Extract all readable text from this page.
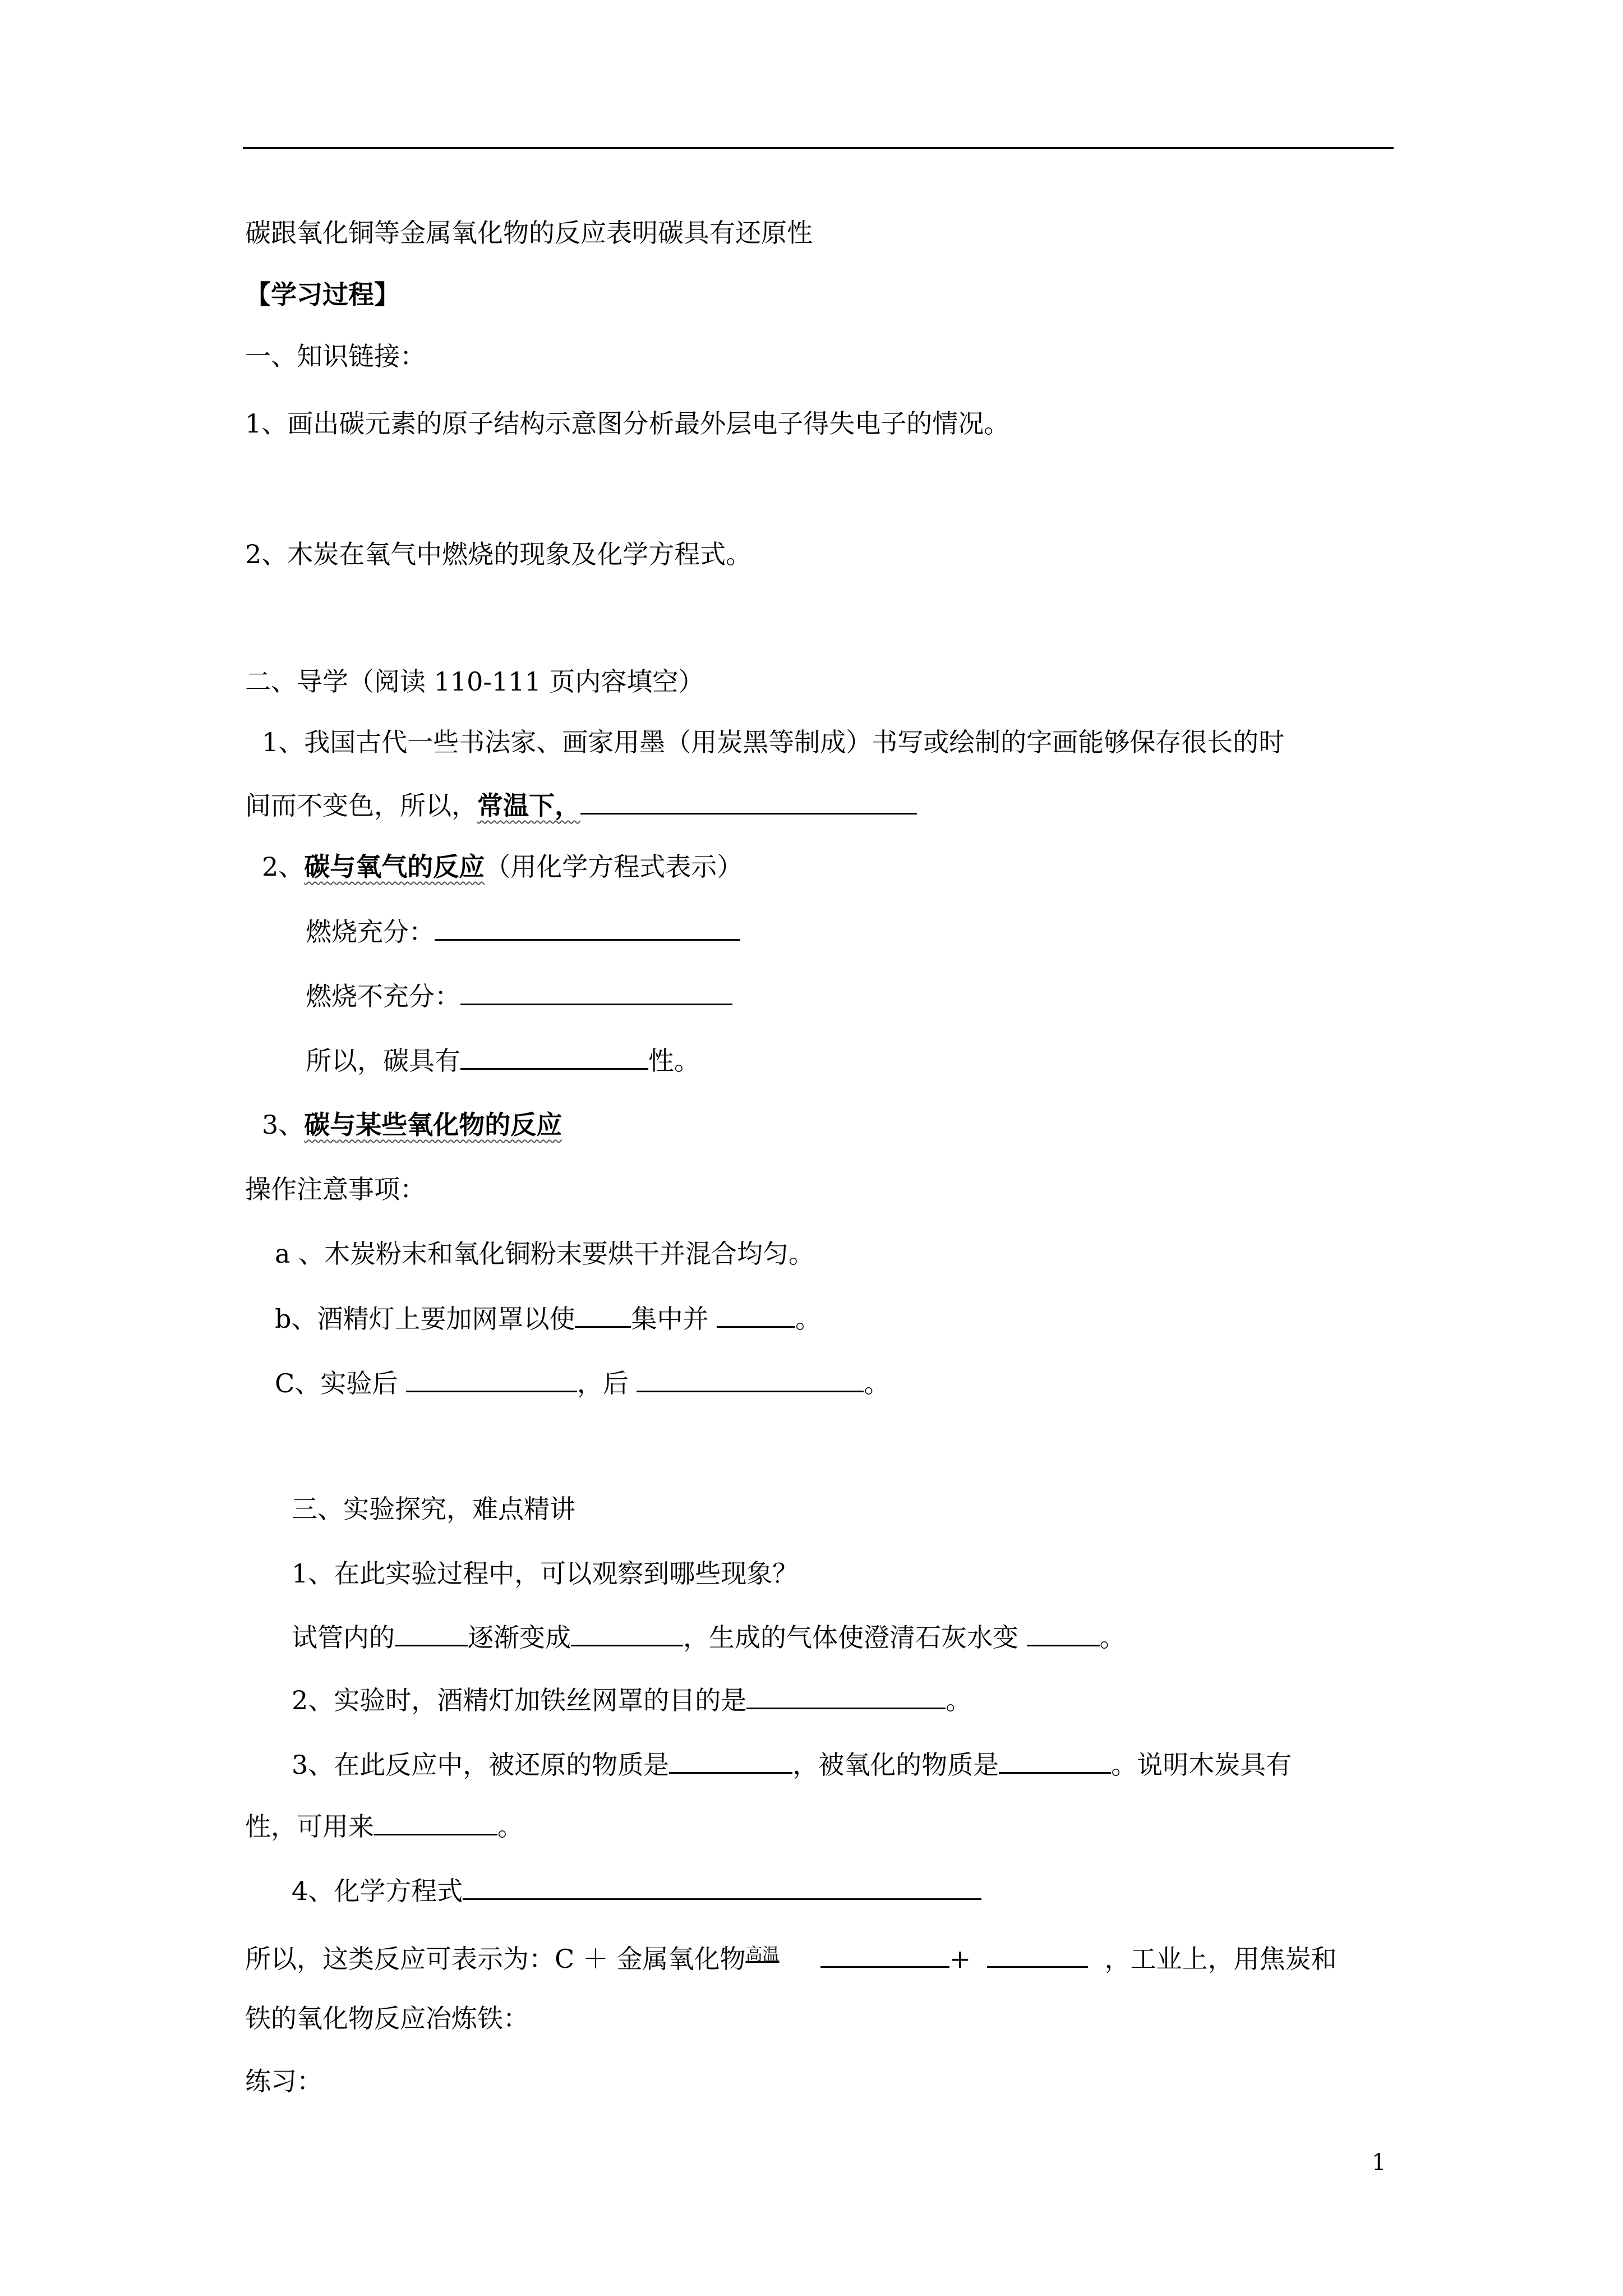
碳跟氧化铜等金属氧化物的反应表明碳具有还原性
【学习过程】
一、知识链接：
1、画出碳元素的原子结构示意图分析最外层电子得失电子的情况。
2、木炭在氧气中燃烧的现象及化学方程式。
二、导学（阅读 110-111 页内容填空）
1、我国古代一些书法家、画家用墨（用炭黑等制成）书写或绘制的字画能够保存很长的时
间而不变色，所以，常温下，
2、碳与氧气的反应（用化学方程式表示）
燃烧充分：
燃烧不充分：
所以，碳具有	性。
3、碳与某些氧化物的反应
操作注意事项：
a 、木炭粉末和氧化铜粉末要烘干并混合均匀。
b、酒精灯上要加网罩以使 集中并	。
C、实验后	，后	。
三、实验探究，难点精讲
1、在此实验过程中，可以观察到哪些现象？
试管内的	逐渐变成	，生成的气体使澄清石灰水变	。
2、实验时，酒精灯加铁丝网罩的目的是	。
3、在此反应中，被还原的物质是	，被氧化的物质是	。说明木炭具有
性，可用来	。
4、化学方程式
所以，这类反应可表示为：C ＋ 金属氧化物$^{高温}$	+	，工业上，用焦炭和
铁的氧化物反应冶炼铁：
练习：
1
